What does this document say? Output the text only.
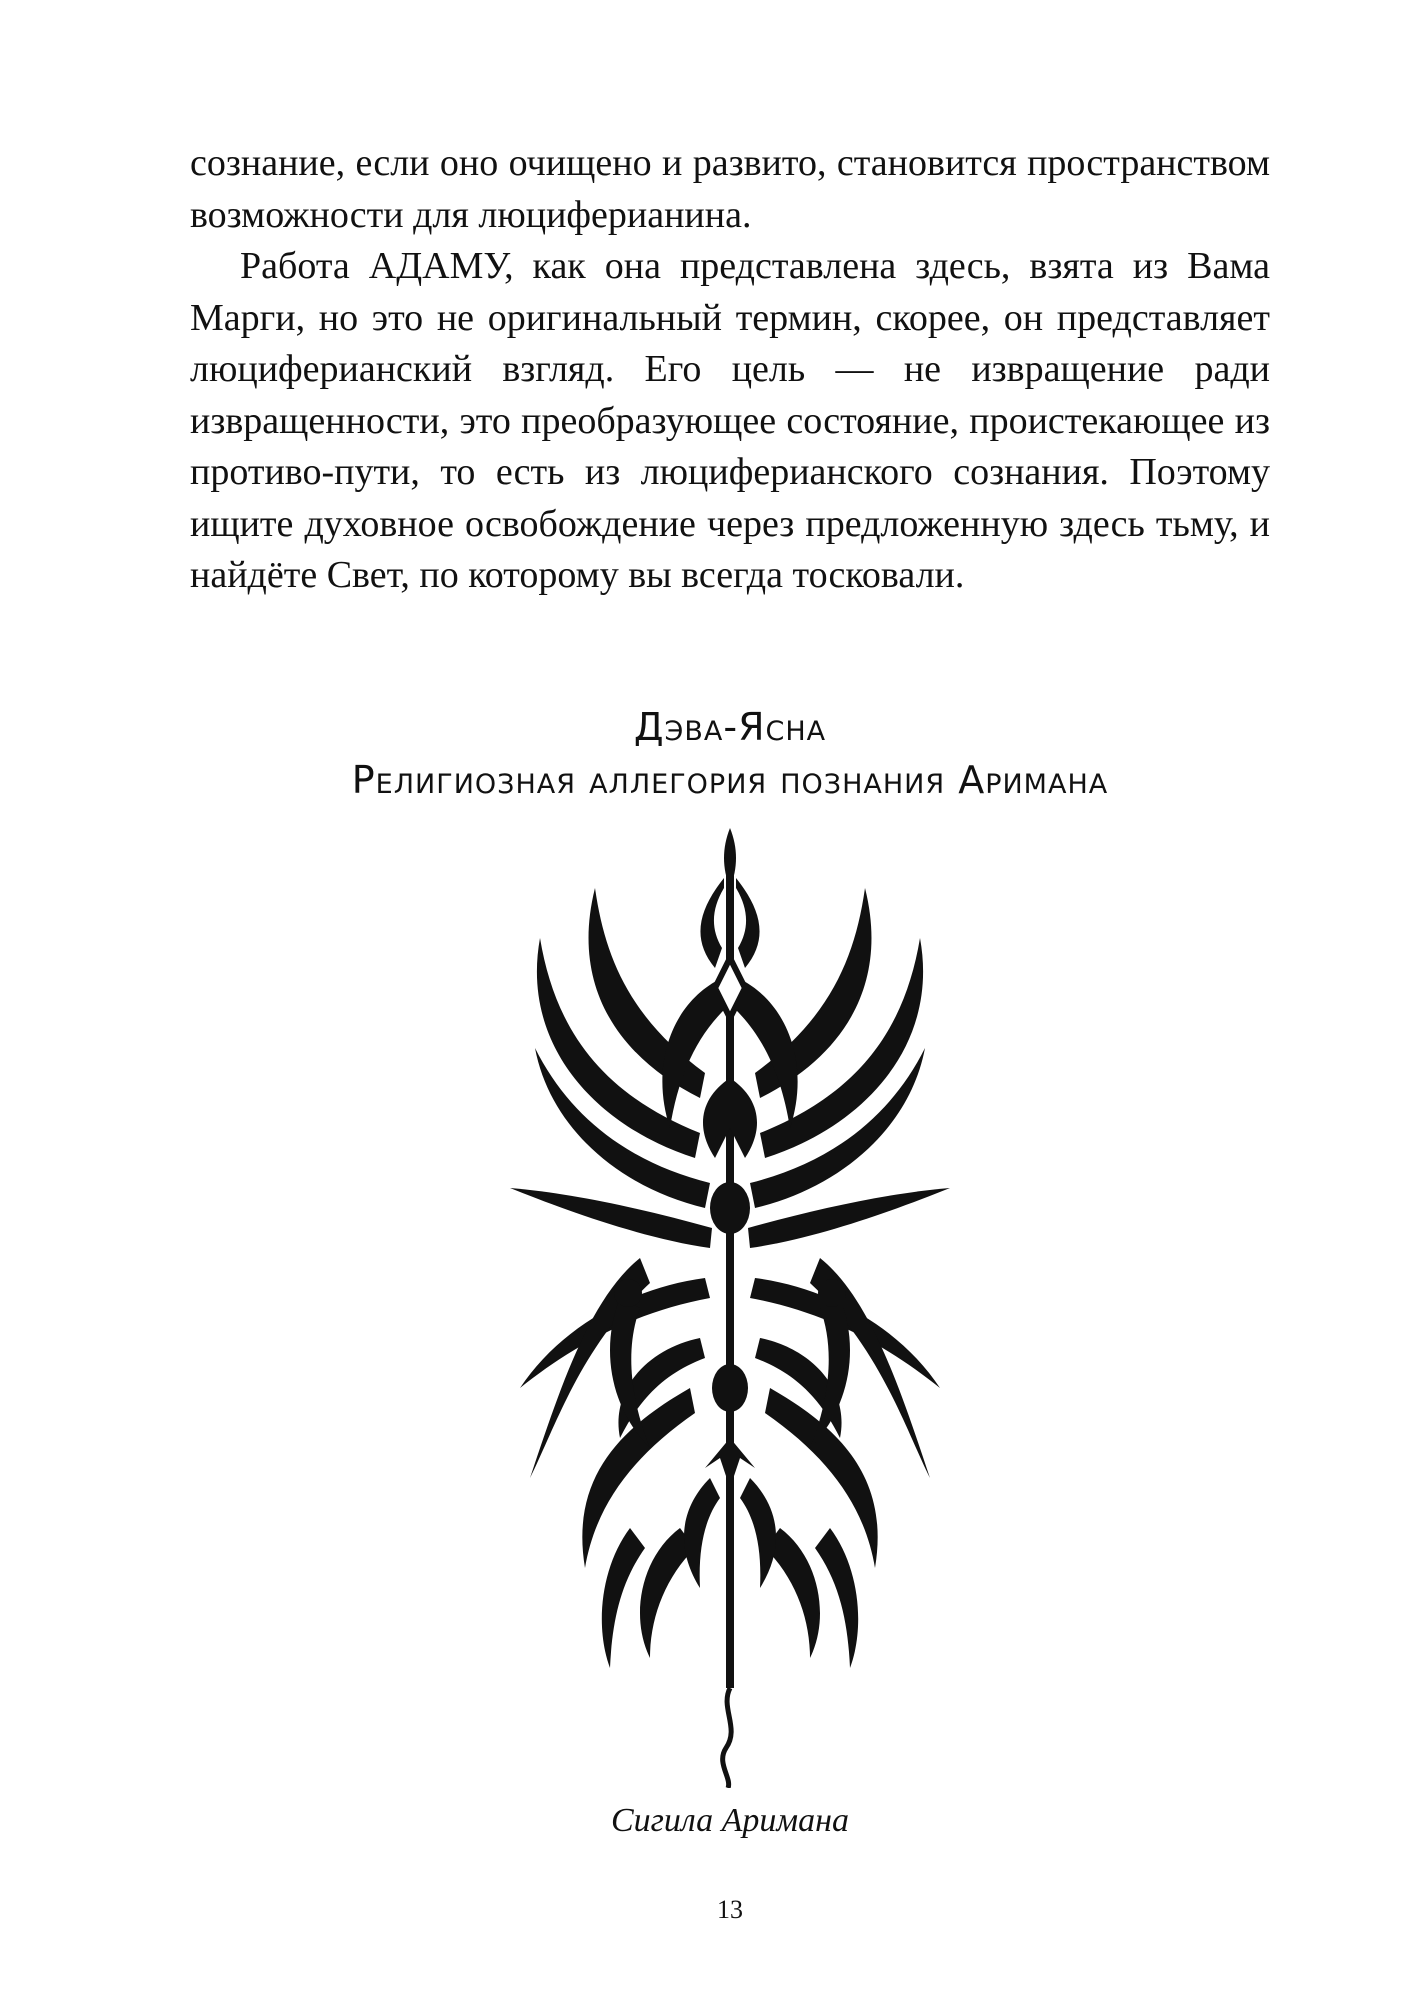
сознание, если оно очищено и развито, становится пространством возможности для люциферианина.

Работа АДАМУ, как она представлена здесь, взята из Вама Марги, но это не оригинальный термин, скорее, он представляет люциферианский взгляд. Его цель — не извращение ради извращенности, это преобразующее состояние, проистекающее из противо-пути, то есть из люциферианского сознания. Поэтому ищите духовное освобождение через предложенную здесь тьму, и найдёте Свет, по которому вы всегда тосковали.

Дэва-Ясна
Религиозная аллегория познания Аримана
Сигила Аримана
13
